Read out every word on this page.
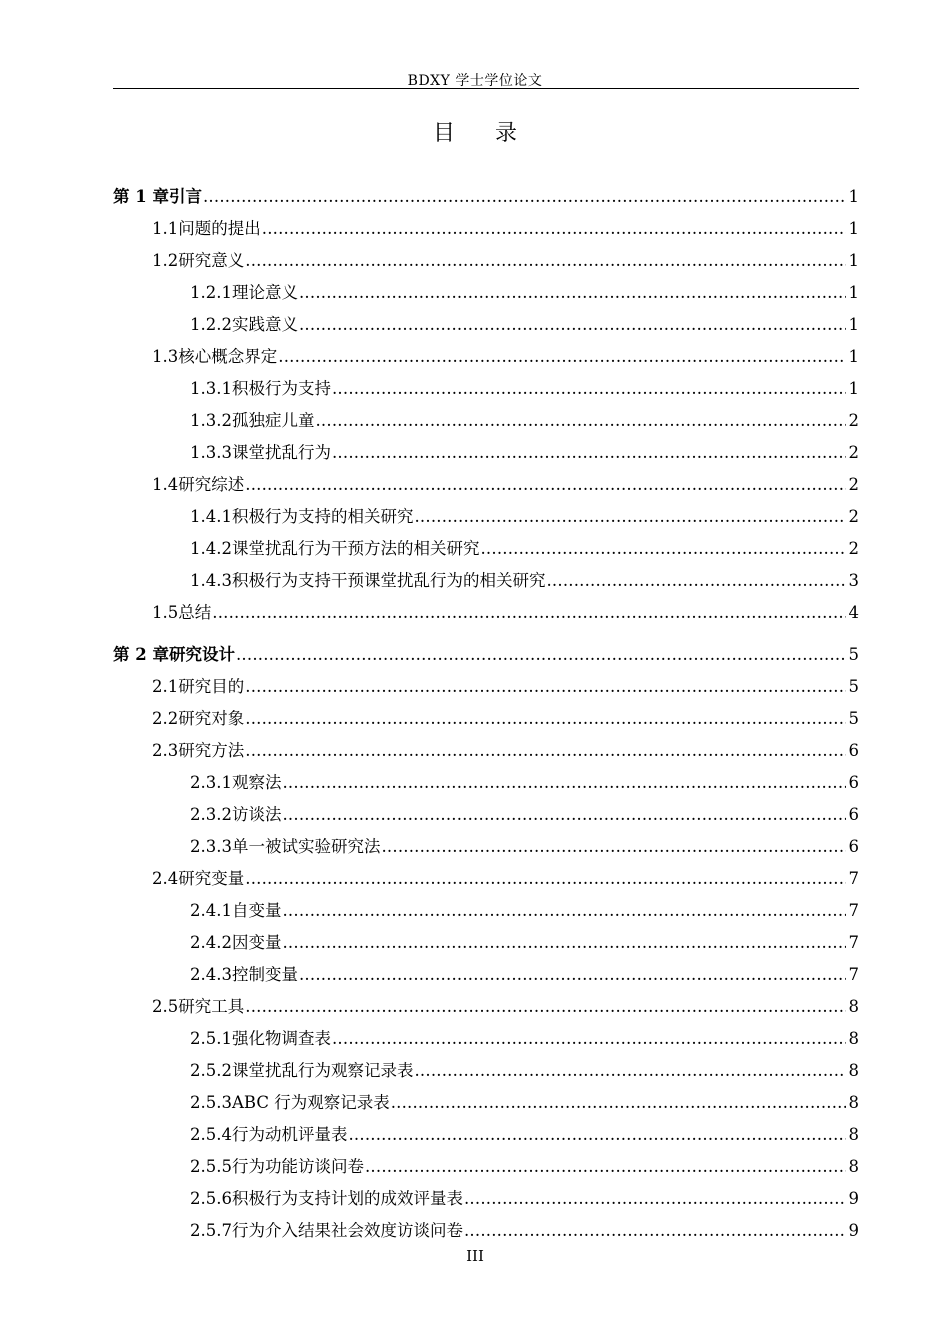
BDXY 学士学位论文
目录
第 1 章 引言 .....	1
1.1 问题的提出 .....	1
1.2 研究意义 .....	1
1.2.1 理论意义 .....	1
1.2.2 实践意义 .....	1
1.3 核心概念界定 .....	1
1.3.1 积极行为支持 .....	1
1.3.2 孤独症儿童 .....	2
1.3.3 课堂扰乱行为 .....	2
1.4 研究综述 .....	2
1.4.1 积极行为支持的相关研究 .....	2
1.4.2 课堂扰乱行为干预方法的相关研究 .....	2
1.4.3 积极行为支持干预课堂扰乱行为的相关研究 .....	3
1.5 总结 .....	4
第 2 章 研究设计 .....	5
2.1 研究目的 .....	5
2.2 研究对象 .....	5
2.3 研究方法 .....	6
2.3.1 观察法 .....	6
2.3.2 访谈法 .....	6
2.3.3 单一被试实验研究法 .....	6
2.4 研究变量 .....	7
2.4.1 自变量 .....	7
2.4.2 因变量 .....	7
2.4.3 控制变量 .....	7
2.5 研究工具 .....	8
2.5.1 强化物调查表 .....	8
2.5.2 课堂扰乱行为观察记录表 .....	8
2.5.3 ABC 行为观察记录表 .....	8
2.5.4 行为动机评量表 .....	8
2.5.5 行为功能访谈问卷 .....	8
2.5.6 积极行为支持计划的成效评量表 .....	9
2.5.7 行为介入结果社会效度访谈问卷 .....	9
III
